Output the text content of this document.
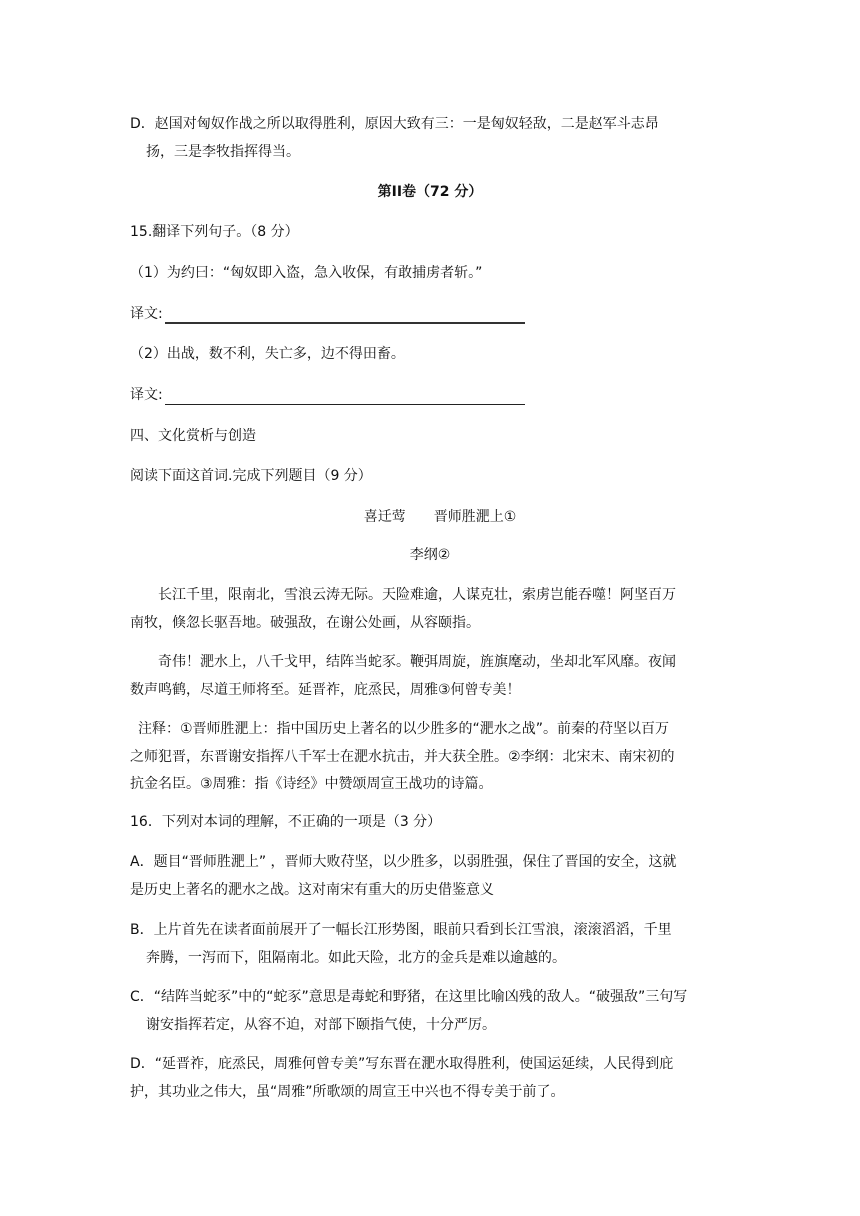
D．赵国对匈奴作战之所以取得胜利，原因大致有三：一是匈奴轻敌，二是赵军斗志昂
扬，三是李牧指挥得当。
第II卷（72 分）
15.翻译下列句子。（8 分）
（1）为约曰：“匈奴即入盗，急入收保，有敢捕虏者斩。”
译文:
（2）出战，数不利，失亡多，边不得田畜。
译文:
四、文化赏析与创造
阅读下面这首词.完成下列题目（9 分）
喜迁莺　　晋师胜淝上①
李纲②
长江千里，限南北，雪浪云涛无际。天险难逾，人谋克壮，索虏岂能吞噬！阿坚百万
南牧，倏忽长驱吾地。破强敌，在谢公处画，从容颐指。
奇伟！淝水上，八千戈甲，结阵当蛇豕。鞭弭周旋，旌旗麾动，坐却北军风靡。夜闻
数声鸣鹤，尽道王师将至。延晋祚，庇烝民，周雅③何曾专美！
注释：①晋师胜淝上：指中国历史上著名的以少胜多的“淝水之战”。前秦的苻坚以百万
之师犯晋，东晋谢安指挥八千军士在淝水抗击，并大获全胜。②李纲：北宋末、南宋初的
抗金名臣。③周雅：指《诗经》中赞颂周宣王战功的诗篇。
16．下列对本词的理解，不正确的一项是（3 分）
A．题目“晋师胜淝上” ，晋师大败苻坚，以少胜多，以弱胜强，保住了晋国的安全，这就
是历史上著名的淝水之战。这对南宋有重大的历史借鉴意义
B．上片首先在读者面前展开了一幅长江形势图，眼前只看到长江雪浪，滚滚滔滔，千里
奔腾，一泻而下，阻隔南北。如此天险，北方的金兵是难以逾越的。
C．“结阵当蛇豕”中的“蛇豕”意思是毒蛇和野猪，在这里比喻凶残的敌人。“破强敌”三句写
谢安指挥若定，从容不迫，对部下颐指气使，十分严厉。
D．“延晋祚，庇烝民，周雅何曾专美”写东晋在淝水取得胜利，使国运延续，人民得到庇
护，其功业之伟大，虽“周雅”所歌颂的周宣王中兴也不得专美于前了。
